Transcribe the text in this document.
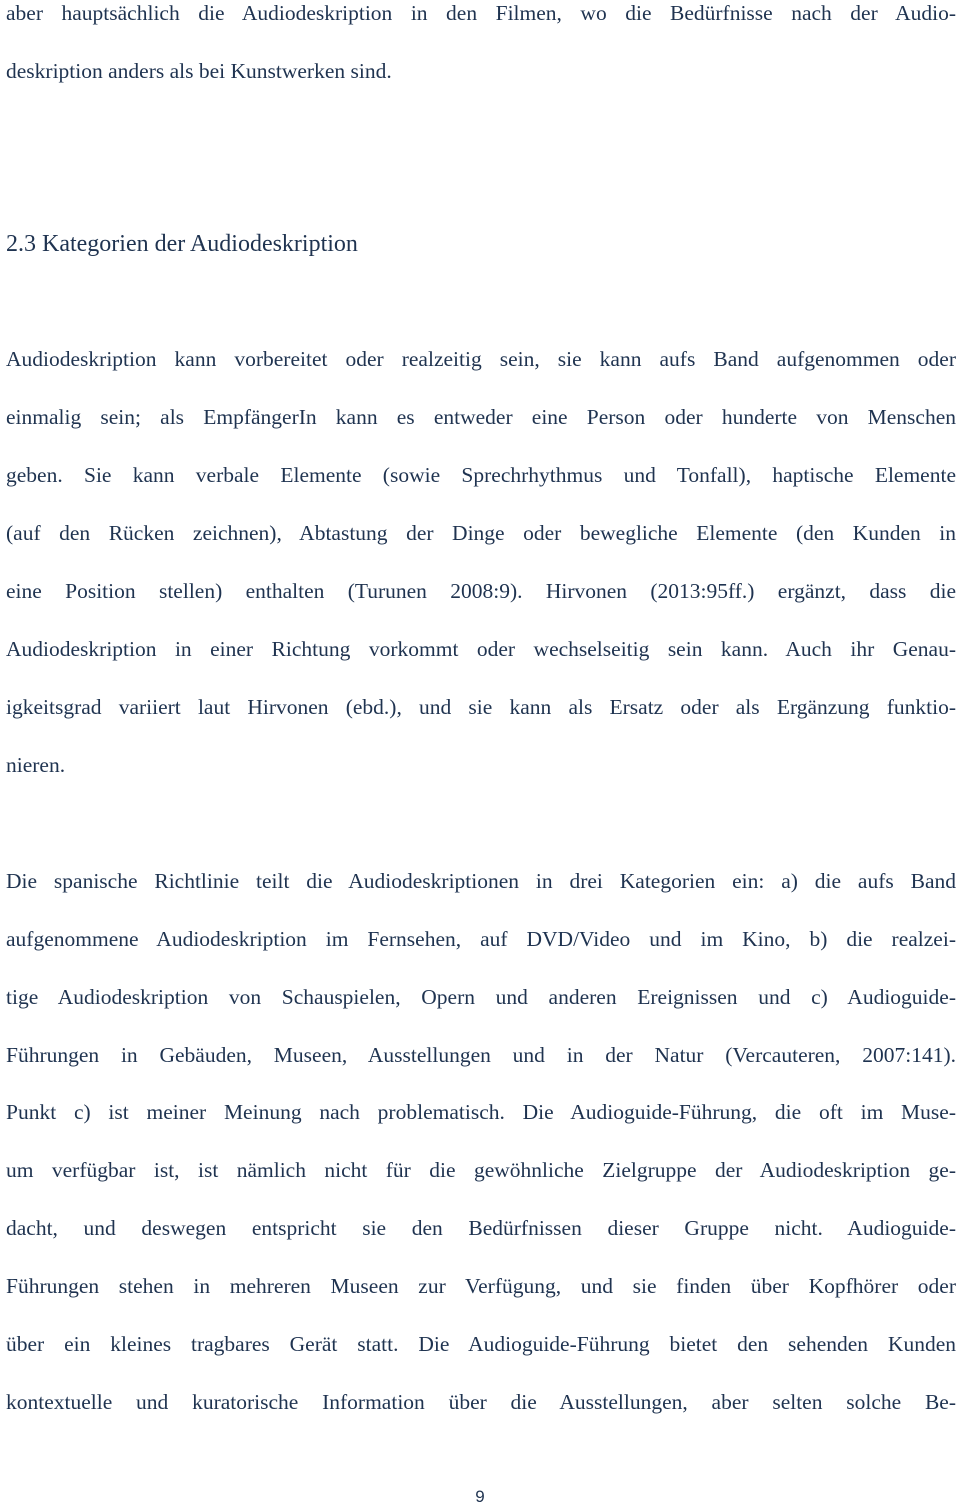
aber hauptsächlich die Audiodeskription in den Filmen, wo die Bedürfnisse nach der Audio-
deskription anders als bei Kunstwerken sind.
2.3 Kategorien der Audiodeskription
Audiodeskription kann vorbereitet oder realzeitig sein, sie kann aufs Band aufgenommen oder
einmalig sein; als EmpfängerIn kann es entweder eine Person oder hunderte von Menschen
geben. Sie kann verbale Elemente (sowie Sprechrhythmus und Tonfall), haptische Elemente
(auf den Rücken zeichnen), Abtastung der Dinge oder bewegliche Elemente (den Kunden in
eine Position stellen) enthalten (Turunen 2008:9). Hirvonen (2013:95ff.) ergänzt, dass die
Audiodeskription in einer Richtung vorkommt oder wechselseitig sein kann. Auch ihr Genau-
igkeitsgrad variiert laut Hirvonen (ebd.), und sie kann als Ersatz oder als Ergänzung funktio-
nieren.
Die spanische Richtlinie teilt die Audiodeskriptionen in drei Kategorien ein: a) die aufs Band
aufgenommene Audiodeskription im Fernsehen, auf DVD/Video und im Kino, b) die realzei-
tige Audiodeskription von Schauspielen, Opern und anderen Ereignissen und c) Audioguide-
Führungen in Gebäuden, Museen, Ausstellungen und in der Natur (Vercauteren, 2007:141).
Punkt c) ist meiner Meinung nach problematisch. Die Audioguide-Führung, die oft im Muse-
um verfügbar ist, ist nämlich nicht für die gewöhnliche Zielgruppe der Audiodeskription ge-
dacht, und deswegen entspricht sie den Bedürfnissen dieser Gruppe nicht. Audioguide-
Führungen stehen in mehreren Museen zur Verfügung, und sie finden über Kopfhörer oder
über ein kleines tragbares Gerät statt. Die Audioguide-Führung bietet den sehenden Kunden
kontextuelle und kuratorische Information über die Ausstellungen, aber selten solche Be-
9
